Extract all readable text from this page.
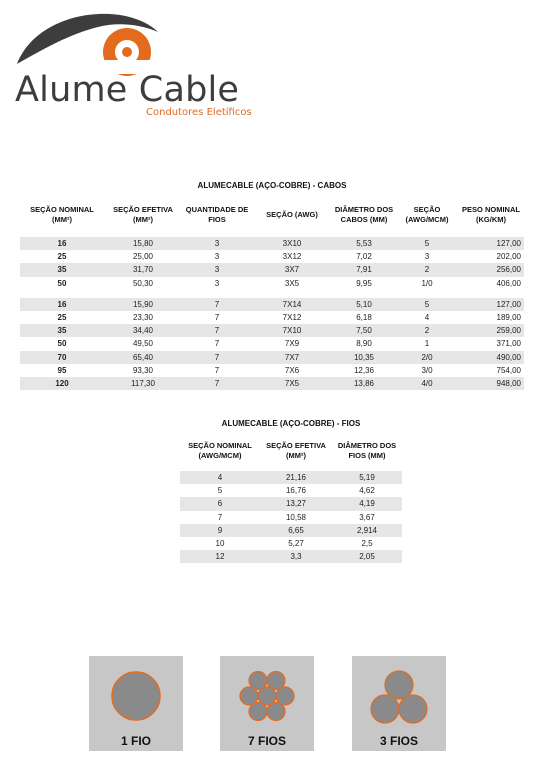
Alume Cable
Condutores Eletíficos
ALUMECABLE (AÇO-COBRE) - CABOS
SEÇÃO NOMINAL (MM²)	SEÇÃO EFETIVA (MM²)	QUANTIDADE DE FIOS	SEÇÃO (AWG)	DIÂMETRO DOS CABOS (MM)	SEÇÃO (AWG/MCM)	PESO NOMINAL (KG/KM)
16	15,80	3	3X10	5,53	5	127,00
25	25,00	3	3X12	7,02	3	202,00
35	31,70	3	3X7	7,91	2	256,00
50	50,30	3	3X5	9,95	1/0	406,00

16	15,90	7	7X14	5,10	5	127,00
25	23,30	7	7X12	6,18	4	189,00
35	34,40	7	7X10	7,50	2	259,00
50	49,50	7	7X9	8,90	1	371,00
70	65,40	7	7X7	10,35	2/0	490,00
95	93,30	7	7X6	12,36	3/0	754,00
120	117,30	7	7X5	13,86	4/0	948,00
ALUMECABLE (AÇO-COBRE) - FIOS
SEÇÃO NOMINAL (AWG/MCM)	SEÇÃO EFETIVA (MM²)	DIÂMETRO DOS FIOS (MM)
4	21,16	5,19
5	16,76	4,62
6	13,27	4,19
7	10,58	3,67
9	6,65	2,914
10	5,27	2,5
12	3,3	2,05
1 FIO	7 FIOS	3 FIOS
